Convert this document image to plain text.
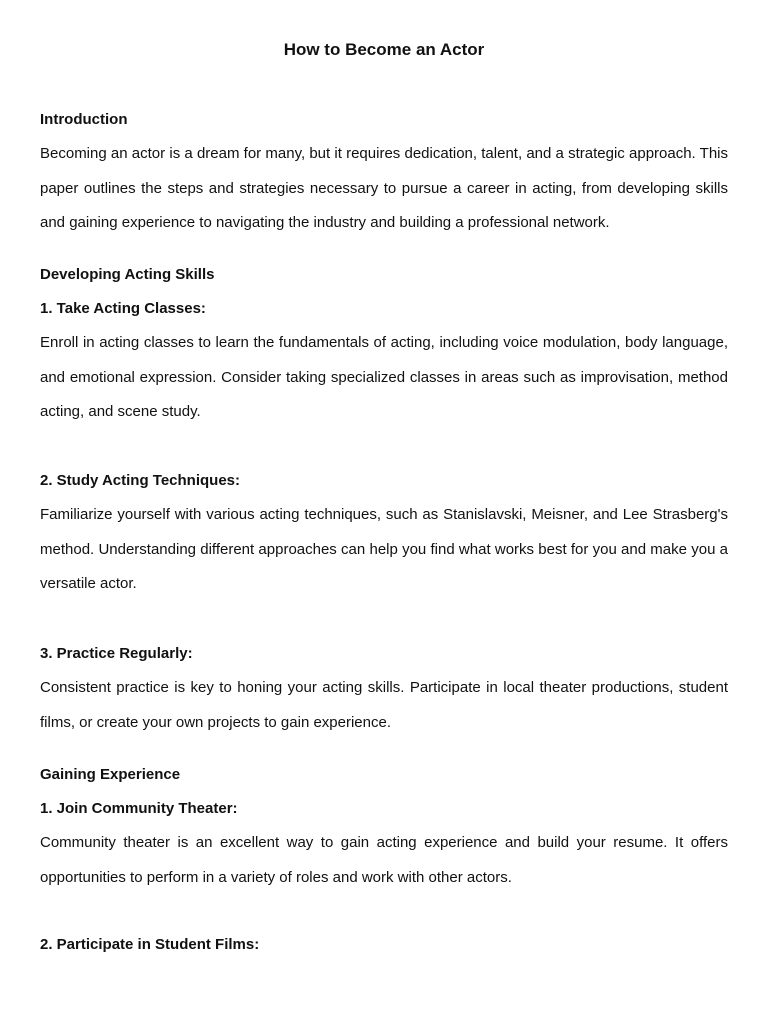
How to Become an Actor
Introduction

Becoming an actor is a dream for many, but it requires dedication, talent, and a strategic approach. This paper outlines the steps and strategies necessary to pursue a career in acting, from developing skills and gaining experience to navigating the industry and building a professional network.

Developing Acting Skills
1. Take Acting Classes:

Enroll in acting classes to learn the fundamentals of acting, including voice modulation, body language, and emotional expression. Consider taking specialized classes in areas such as improvisation, method acting, and scene study.

2. Study Acting Techniques:

Familiarize yourself with various acting techniques, such as Stanislavski, Meisner, and Lee Strasberg's method. Understanding different approaches can help you find what works best for you and make you a versatile actor.

3. Practice Regularly:

Consistent practice is key to honing your acting skills. Participate in local theater productions, student films, or create your own projects to gain experience.

Gaining Experience
1. Join Community Theater:

Community theater is an excellent way to gain acting experience and build your resume. It offers opportunities to perform in a variety of roles and work with other actors.

2. Participate in Student Films:
